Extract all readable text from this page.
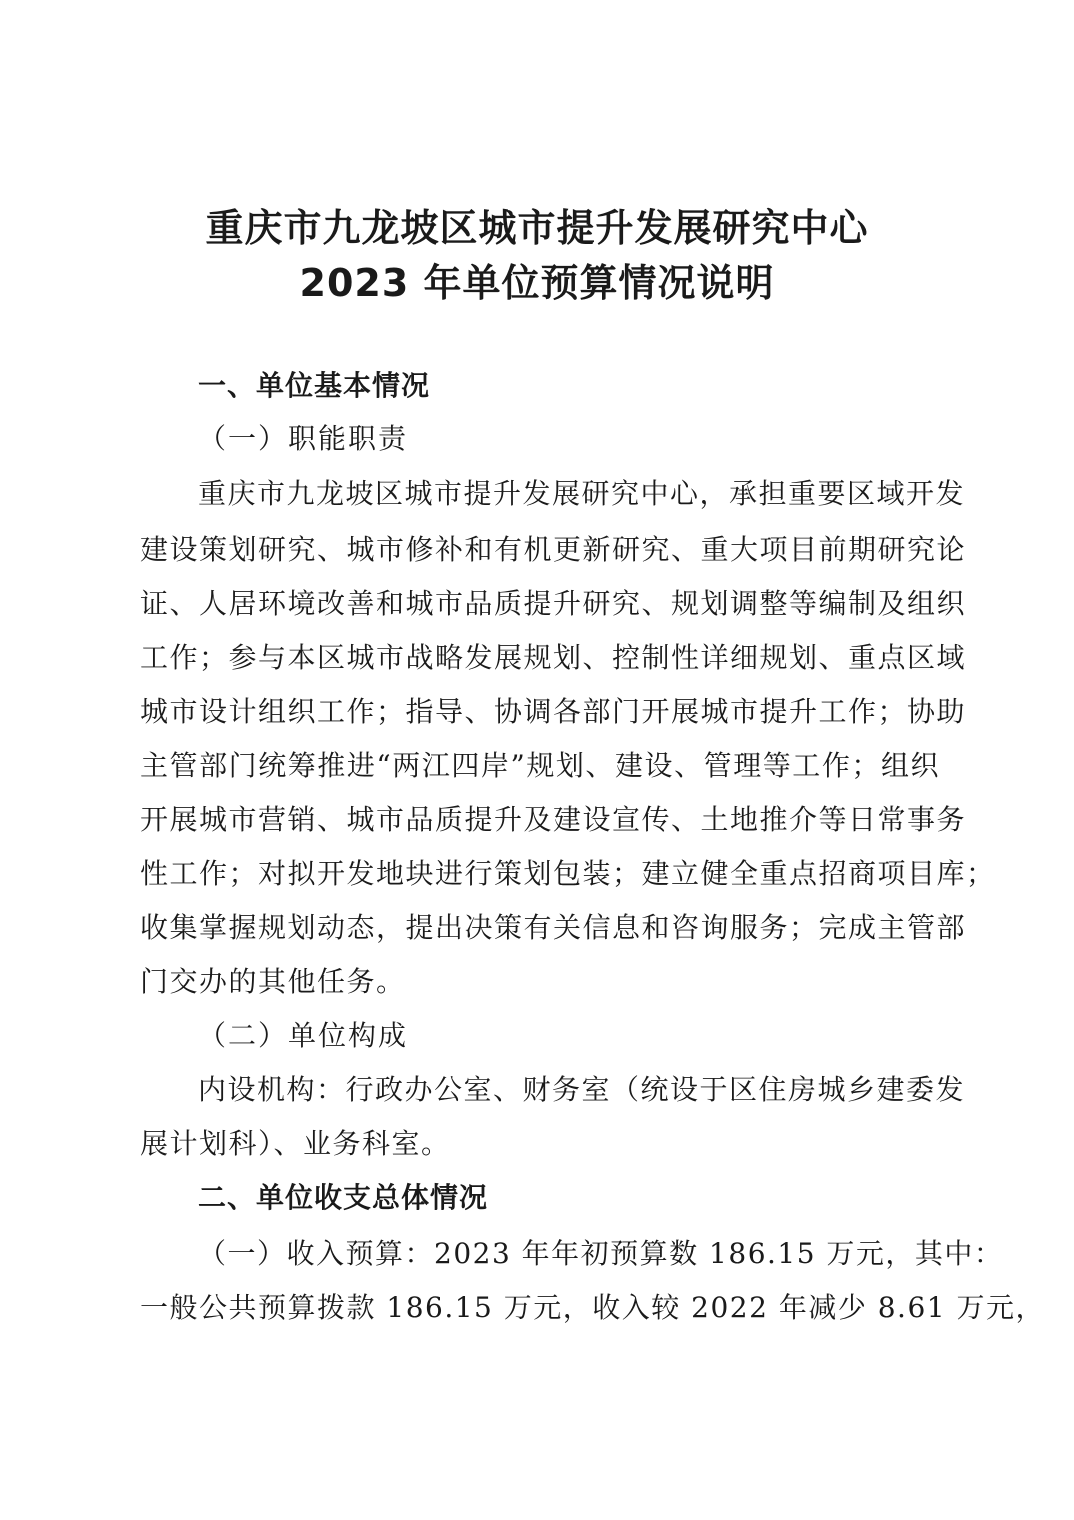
重庆市九龙坡区城市提升发展研究中心
2023 年单位预算情况说明
一、单位基本情况
（一）职能职责
重庆市九龙坡区城市提升发展研究中心，承担重要区域开发
建设策划研究、城市修补和有机更新研究、重大项目前期研究论
证、人居环境改善和城市品质提升研究、规划调整等编制及组织
工作；参与本区城市战略发展规划、控制性详细规划、重点区域
城市设计组织工作；指导、协调各部门开展城市提升工作；协助
主管部门统筹推进“两江四岸”规划、建设、管理等工作；组织
开展城市营销、城市品质提升及建设宣传、土地推介等日常事务
性工作；对拟开发地块进行策划包装；建立健全重点招商项目库；
收集掌握规划动态，提出决策有关信息和咨询服务；完成主管部
门交办的其他任务。
（二）单位构成
内设机构：行政办公室、财务室（统设于区住房城乡建委发
展计划科）、业务科室。
二、单位收支总体情况
（一）收入预算：2023 年年初预算数 186.15 万元，其中：
一般公共预算拨款 186.15 万元，收入较 2022 年减少 8.61 万元，
